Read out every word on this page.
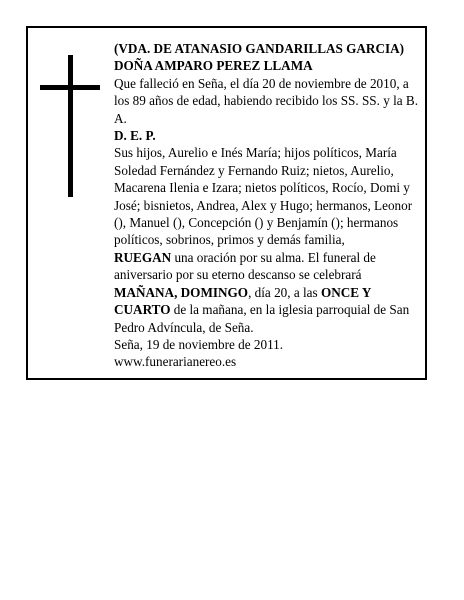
(VDA. DE ATANASIO GANDARILLAS GARCIA)

DOÑA AMPARO PEREZ LLAMA

Que falleció en Seña, el día 20 de noviembre de 2010, a los 89 años de edad, habiendo recibido los SS. SS. y la B. A.

D. E. P.

Sus hijos, Aurelio e Inés María; hijos políticos, María Soledad Fernández y Fernando Ruiz; nietos, Aurelio, Macarena Ilenia e Izara; nietos políticos, Rocío, Domi y José; bisnietos, Andrea, Alex y Hugo; hermanos, Leonor (), Manuel (), Concepción () y Benjamín (); hermanos políticos, sobrinos, primos y demás familia,
RUEGAN una oración por su alma. El funeral de aniversario por su eterno descanso se celebrará MAÑANA, DOMINGO, día 20, a las ONCE Y CUARTO de la mañana, en la iglesia parroquial de San Pedro Advíncula, de Seña.

Seña, 19 de noviembre de 2011.

www.funerarianereo.es
